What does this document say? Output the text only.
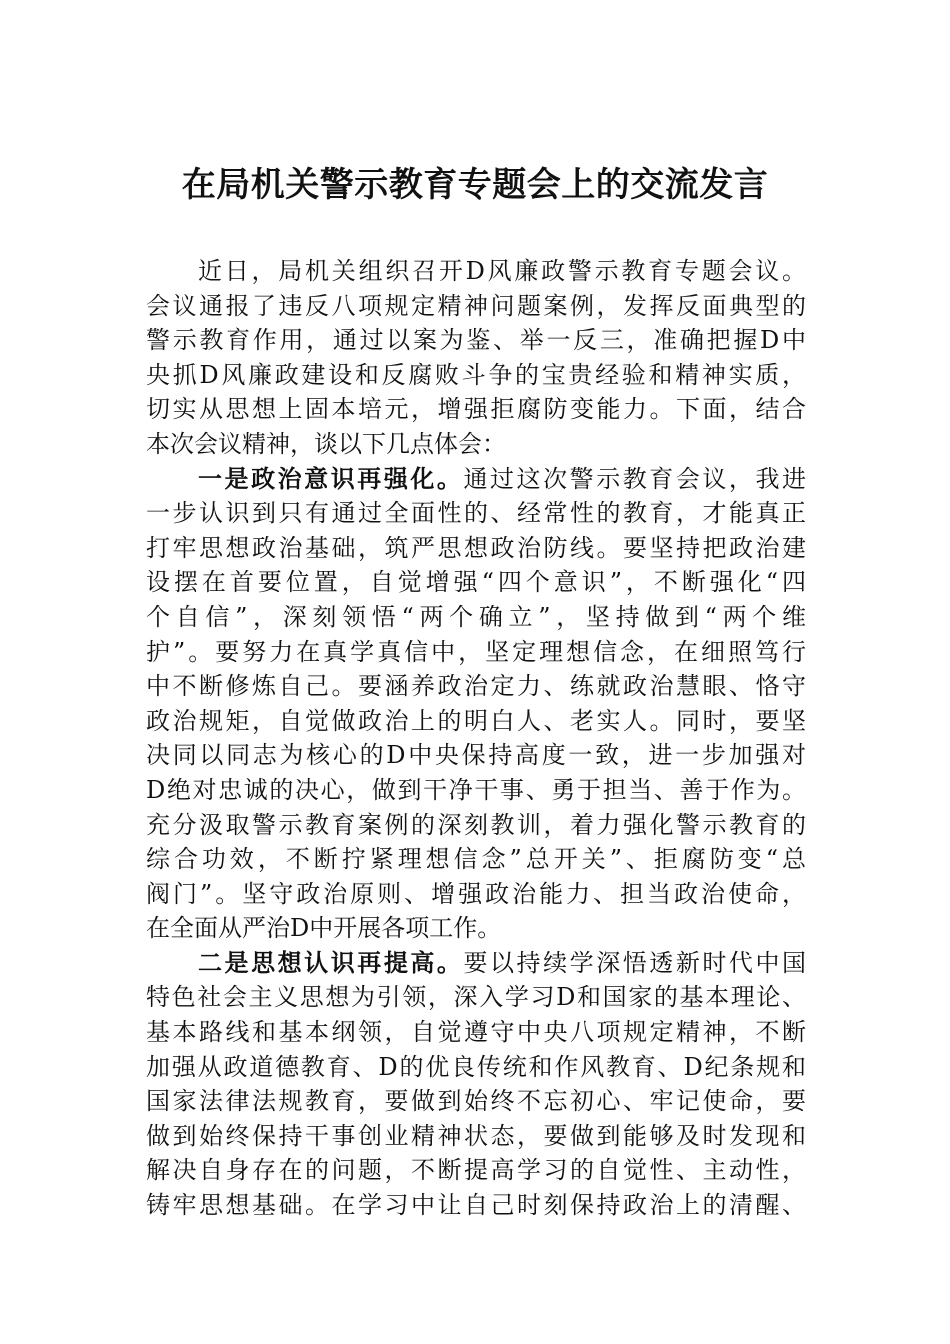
在局机关警示教育专题会上的交流发言
近日，局机关组织召开D风廉政警示教育专题会议。
会议通报了违反八项规定精神问题案例，发挥反面典型的
警示教育作用，通过以案为鉴、举一反三，准确把握D中
央抓D风廉政建设和反腐败斗争的宝贵经验和精神实质，
切实从思想上固本培元，增强拒腐防变能力。下面，结合
本次会议精神，谈以下几点体会：
一是政治意识再强化。通过这次警示教育会议，我进
一步认识到只有通过全面性的、经常性的教育，才能真正
打牢思想政治基础，筑严思想政治防线。要坚持把政治建
设摆在首要位置，自觉增强“四个意识”，不断强化“四
个自信”，深刻领悟“两个确立”，坚持做到“两个维
护”。要努力在真学真信中，坚定理想信念，在细照笃行
中不断修炼自己。要涵养政治定力、练就政治慧眼、恪守
政治规矩，自觉做政治上的明白人、老实人。同时，要坚
决同以同志为核心的D中央保持高度一致，进一步加强对
D绝对忠诚的决心，做到干净干事、勇于担当、善于作为。
充分汲取警示教育案例的深刻教训，着力强化警示教育的
综合功效，不断拧紧理想信念”总开关”、拒腐防变“总
阀门”。坚守政治原则、增强政治能力、担当政治使命，
在全面从严治D中开展各项工作。
二是思想认识再提高。要以持续学深悟透新时代中国
特色社会主义思想为引领，深入学习D和国家的基本理论、
基本路线和基本纲领，自觉遵守中央八项规定精神，不断
加强从政道德教育、D的优良传统和作风教育、D纪条规和
国家法律法规教育，要做到始终不忘初心、牢记使命，要
做到始终保持干事创业精神状态，要做到能够及时发现和
解决自身存在的问题，不断提高学习的自觉性、主动性，
铸牢思想基础。在学习中让自己时刻保持政治上的清醒、
